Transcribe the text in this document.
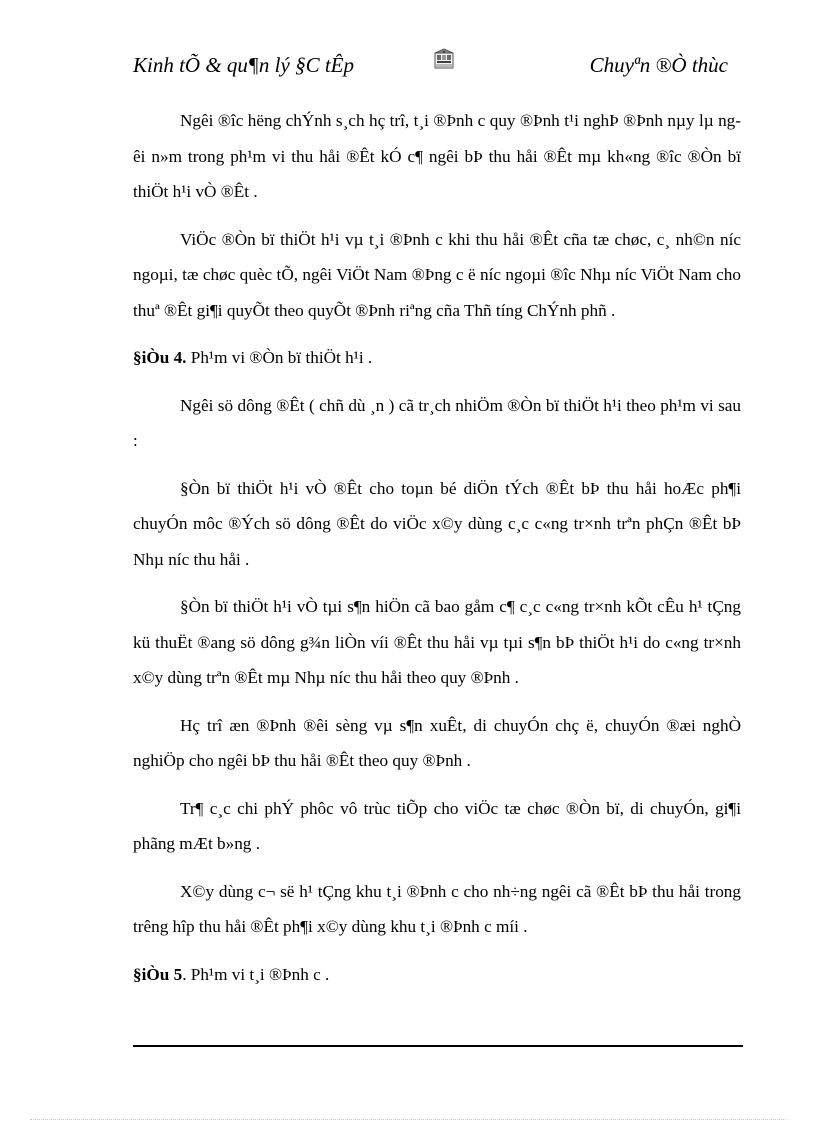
Kinh tÕ & qu¶n lý §C tÊp	Chuyªn ®Ò thùc

Ngêi ®îc hëng chÝnh s¸ch hç trî, t¸i ®Þnh c quy ®Þnh t¹i nghÞ ®Þnh nµy lµ ngêi n»m trong ph¹m vi thu håi ®Êt kÓ c¶ ngêi bÞ thu håi ®Êt mµ kh«ng ®îc ®Òn bï thiÖt h¹i vÒ ®Êt .

ViÖc ®Òn bï thiÖt h¹i vµ t¸i ®Þnh c khi thu håi ®Êt cña tæ chøc, c¸ nh©n níc ngoµi, tæ chøc quèc tÕ, ngêi ViÖt Nam ®Þng c ë níc ngoµi ®îc Nhµ níc ViÖt Nam cho thuª ®Êt gi¶i quyÕt theo quyÕt ®Þnh riªng cña Thñ tíng ChÝnh phñ .

§iÒu 4. Ph¹m vi ®Òn bï thiÖt h¹i .

Ngêi sö dông ®Êt ( chñ dù ¸n ) cã tr¸ch nhiÖm ®Òn bï thiÖt h¹i theo ph¹m vi sau :

§Òn bï thiÖt h¹i vÒ ®Êt cho toµn bé diÖn tÝch ®Êt bÞ thu håi hoÆc ph¶i chuyÓn môc ®Ých sö dông ®Êt do viÖc x©y dùng c¸c c«ng tr×nh trªn phÇn ®Êt bÞ Nhµ níc thu håi .

§Òn bï thiÖt h¹i vÒ tµi s¶n hiÖn cã bao gåm c¶ c¸c c«ng tr×nh kÕt cÊu h¹ tÇng kü thuËt ®ang sö dông g¾n liÒn víi ®Êt thu håi vµ tµi s¶n bÞ thiÖt h¹i do c«ng tr×nh x©y dùng trªn ®Êt mµ Nhµ níc thu håi theo quy ®Þnh .

Hç trî æn ®Þnh ®êi sèng vµ s¶n xuÊt, di chuyÓn chç ë, chuyÓn ®æi nghÒ nghiÖp cho ngêi bÞ thu håi ®Êt theo quy ®Þnh .

Tr¶ c¸c chi phÝ phôc vô trùc tiÕp cho viÖc tæ chøc ®Òn bï, di chuyÓn, gi¶i phãng mÆt b»ng .

X©y dùng c¬ së h¹ tÇng khu t¸i ®Þnh c cho nh÷ng ngêi cã ®Êt bÞ thu håi trong trêng hîp thu håi ®Êt ph¶i x©y dùng khu t¸i ®Þnh c míi .

§iÒu 5. Ph¹m vi t¸i ®Þnh c .
